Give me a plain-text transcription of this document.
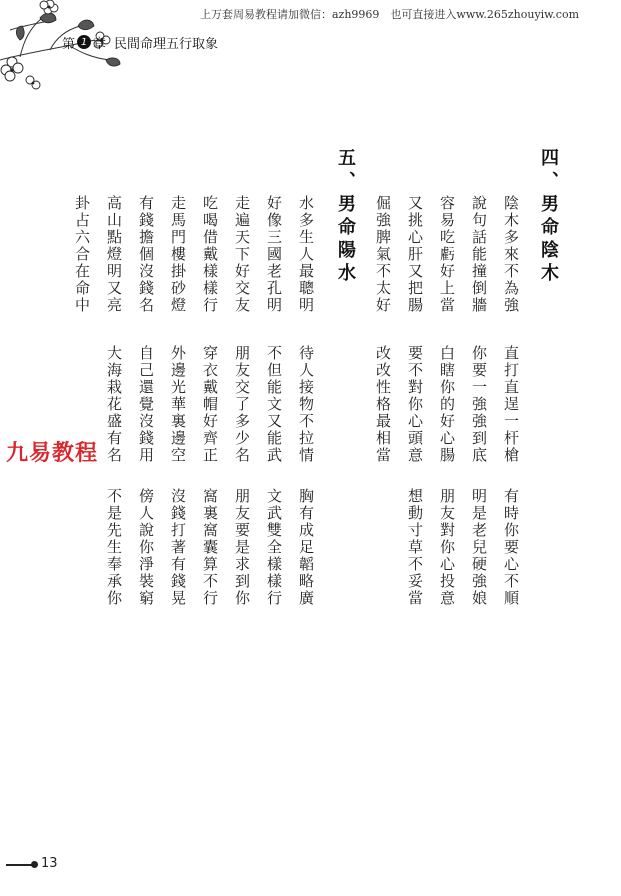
上万套周易教程请加微信：azh9969　也可直接进入www.265zhouyiw.com
第 1 章 民間命理五行取象
四、男命陰木
陰木多來不為強
直打直逞一杆槍
有時你要心不順
說句話能撞倒牆
你要一強強到底
明是老兒硬強娘
容易吃虧好上當
白瞎你的好心腸
朋友對你心投意
又挑心肝又把腸
要不對你心頭意
想動寸草不妥當
倔強脾氣不太好
改改性格最相當
五、男命陽水
水多生人最聰明
待人接物不拉情
胸有成足韜略廣
好像三國老孔明
不但能文又能武
文武雙全樣樣行
走遍天下好交友
朋友交了多少名
朋友要是求到你
吃喝借戴樣樣行
穿衣戴帽好齊正
窩裏窩囊算不行
走馬門樓掛砂燈
外邊光華裏邊空
沒錢打著有錢晃
有錢擔個沒錢名
自己還覺沒錢用
傍人說你淨裝窮
高山點燈明又亮
大海栽花盛有名
不是先生奉承你
卦占六合在命中
九易教程
13
